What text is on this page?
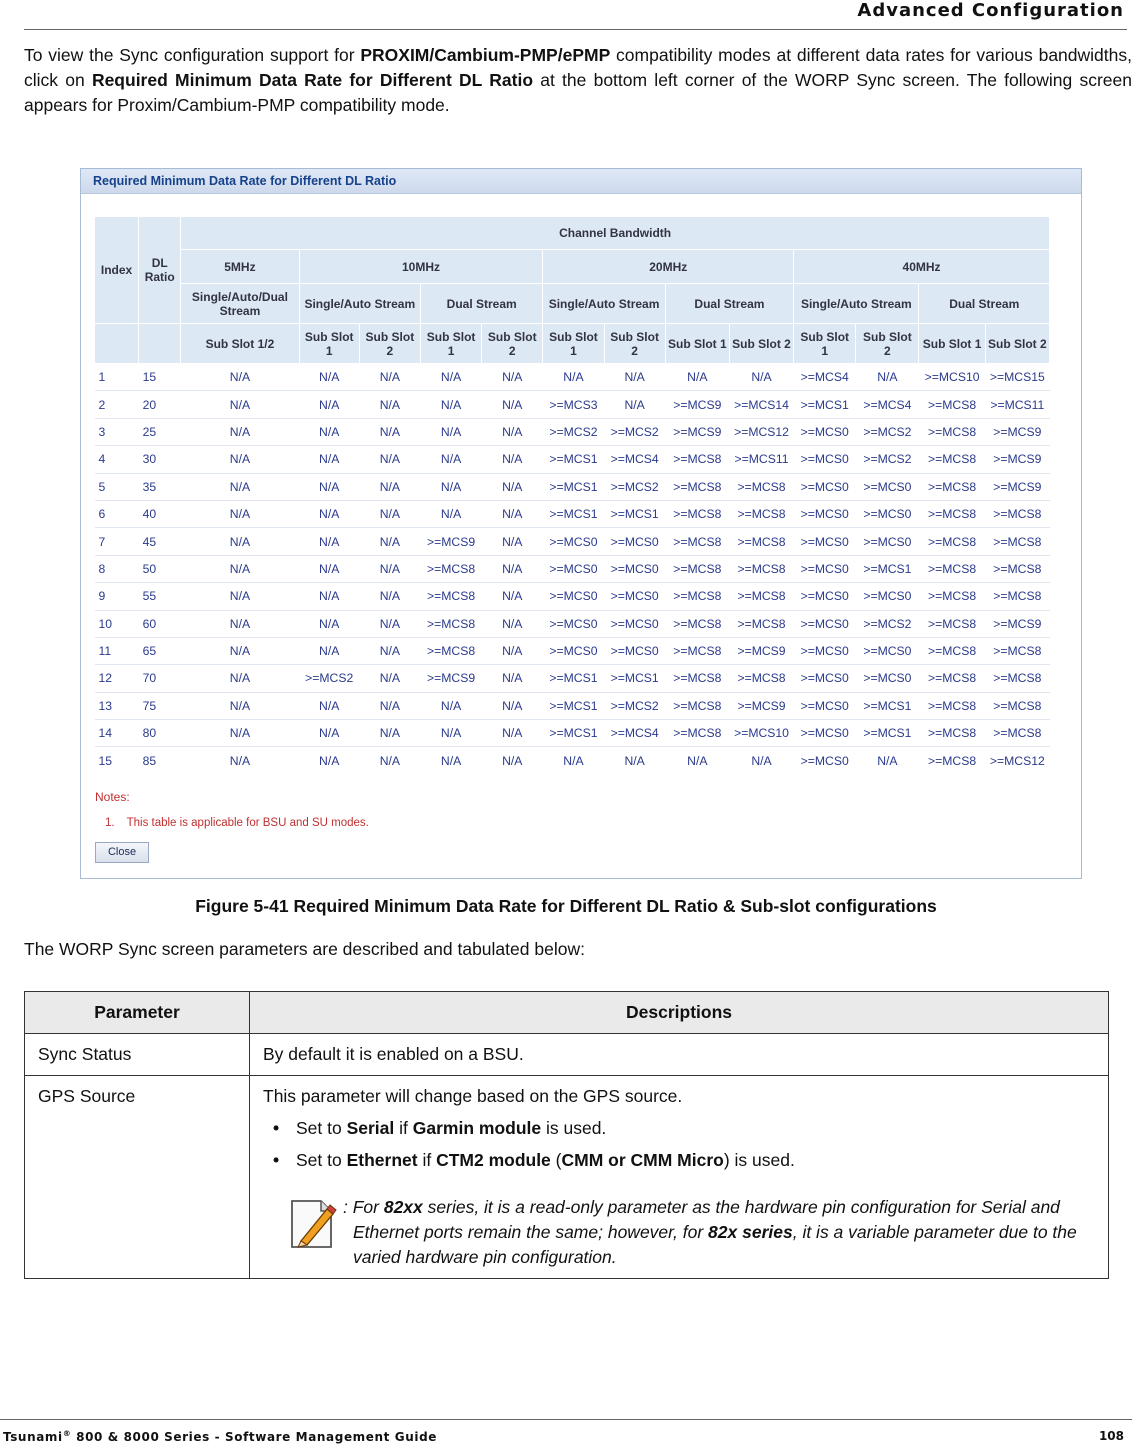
Advanced Configuration
To view the Sync configuration support for PROXIM/Cambium-PMP/ePMP compatibility modes at different data rates for various bandwidths, click on Required Minimum Data Rate for Different DL Ratio at the bottom left corner of the WORP Sync screen. The following screen appears for Proxim/Cambium-PMP compatibility mode.
Required Minimum Data Rate for Different DL Ratio
Index	DL Ratio	Channel Bandwidth												
		5MHz	10MHz				20MHz				40MHz			
		Single/Auto/Dual Stream	Single/Auto Stream		Dual Stream		Single/Auto Stream		Dual Stream		Single/Auto Stream		Dual Stream	
		Sub Slot 1/2	Sub Slot 1	Sub Slot 2	Sub Slot 1	Sub Slot 2	Sub Slot 1	Sub Slot 2	Sub Slot 1	Sub Slot 2	Sub Slot 1	Sub Slot 2	Sub Slot 1	Sub Slot 2
1	15	N/A	N/A	N/A	N/A	N/A	N/A	N/A	N/A	N/A	>=MCS4	N/A	>=MCS10	>=MCS15
2	20	N/A	N/A	N/A	N/A	N/A	>=MCS3	N/A	>=MCS9	>=MCS14	>=MCS1	>=MCS4	>=MCS8	>=MCS11
3	25	N/A	N/A	N/A	N/A	N/A	>=MCS2	>=MCS2	>=MCS9	>=MCS12	>=MCS0	>=MCS2	>=MCS8	>=MCS9
4	30	N/A	N/A	N/A	N/A	N/A	>=MCS1	>=MCS4	>=MCS8	>=MCS11	>=MCS0	>=MCS2	>=MCS8	>=MCS9
5	35	N/A	N/A	N/A	N/A	N/A	>=MCS1	>=MCS2	>=MCS8	>=MCS8	>=MCS0	>=MCS0	>=MCS8	>=MCS9
6	40	N/A	N/A	N/A	N/A	N/A	>=MCS1	>=MCS1	>=MCS8	>=MCS8	>=MCS0	>=MCS0	>=MCS8	>=MCS8
7	45	N/A	N/A	N/A	>=MCS9	N/A	>=MCS0	>=MCS0	>=MCS8	>=MCS8	>=MCS0	>=MCS0	>=MCS8	>=MCS8
8	50	N/A	N/A	N/A	>=MCS8	N/A	>=MCS0	>=MCS0	>=MCS8	>=MCS8	>=MCS0	>=MCS1	>=MCS8	>=MCS8
9	55	N/A	N/A	N/A	>=MCS8	N/A	>=MCS0	>=MCS0	>=MCS8	>=MCS8	>=MCS0	>=MCS0	>=MCS8	>=MCS8
10	60	N/A	N/A	N/A	>=MCS8	N/A	>=MCS0	>=MCS0	>=MCS8	>=MCS8	>=MCS0	>=MCS2	>=MCS8	>=MCS9
11	65	N/A	N/A	N/A	>=MCS8	N/A	>=MCS0	>=MCS0	>=MCS8	>=MCS9	>=MCS0	>=MCS0	>=MCS8	>=MCS8
12	70	N/A	>=MCS2	N/A	>=MCS9	N/A	>=MCS1	>=MCS1	>=MCS8	>=MCS8	>=MCS0	>=MCS0	>=MCS8	>=MCS8
13	75	N/A	N/A	N/A	N/A	N/A	>=MCS1	>=MCS2	>=MCS8	>=MCS9	>=MCS0	>=MCS1	>=MCS8	>=MCS8
14	80	N/A	N/A	N/A	N/A	N/A	>=MCS1	>=MCS4	>=MCS8	>=MCS10	>=MCS0	>=MCS1	>=MCS8	>=MCS8
15	85	N/A	N/A	N/A	N/A	N/A	N/A	N/A	N/A	N/A	>=MCS0	N/A	>=MCS8	>=MCS12
Notes:
1. This table is applicable for BSU and SU modes.
Close
Figure 5-41 Required Minimum Data Rate for Different DL Ratio & Sub-slot configurations
The WORP Sync screen parameters are described and tabulated below:
Parameter	Descriptions
Sync Status	By default it is enabled on a BSU.
GPS Source	This parameter will change based on the GPS source.
• Set to Serial if Garmin module is used.
• Set to Ethernet if CTM2 module (CMM or CMM Micro) is used.
: For 82xx series, it is a read-only parameter as the hardware pin configuration for Serial and Ethernet ports remain the same; however, for 82x series, it is a variable parameter due to the varied hardware pin configuration.
Tsunami® 800 & 8000 Series - Software Management Guide	108
